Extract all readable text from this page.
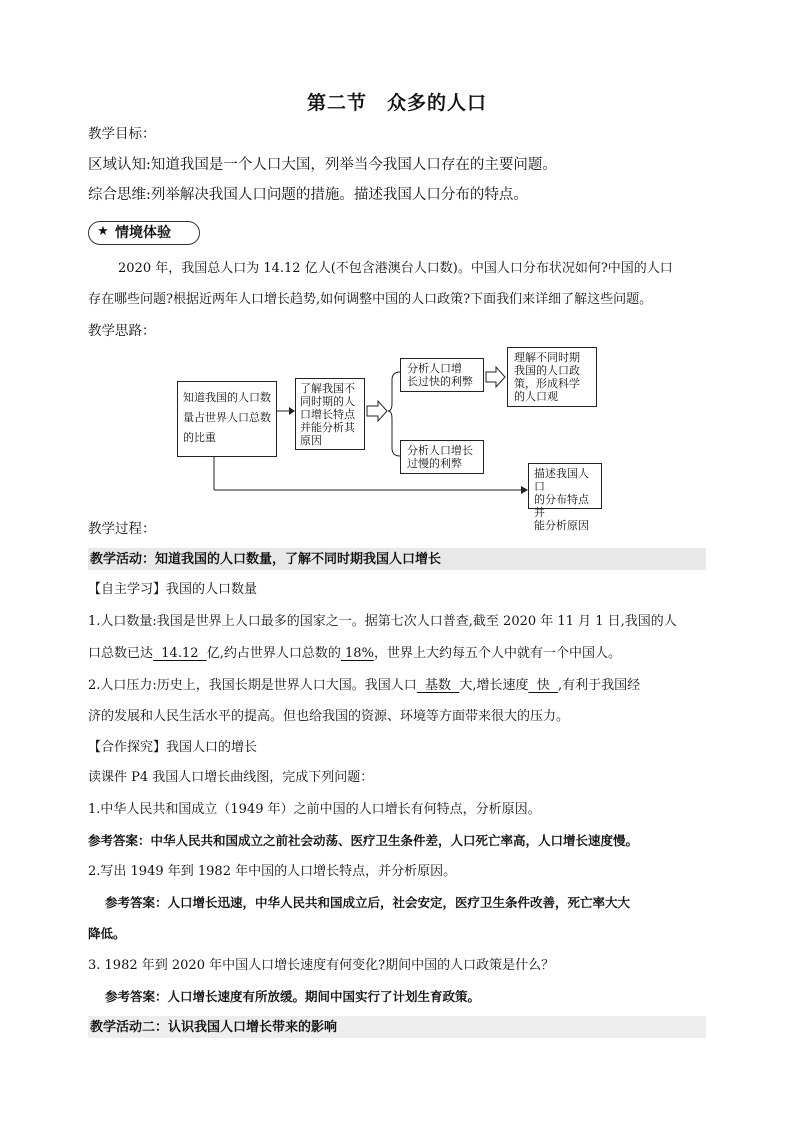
第二节　众多的人口
教学目标：
区域认知:知道我国是一个人口大国，列举当今我国人口存在的主要问题。
综合思维:列举解决我国人口问题的措施。描述我国人口分布的特点。
★ 情境体验
2020 年，我国总人口为 14.12 亿人(不包含港澳台人口数)。中国人口分布状况如何?中国的人口
存在哪些问题?根据近两年人口增长趋势,如何调整中国的人口政策?下面我们来详细了解这些问题。
教学思路：
知道我国的人口数
量占世界人口总数
的比重
了解我国不
同时期的人
口增长特点
并能分析其
原因
分析人口增
长过快的利弊
理解不同时期
我国的人口政
策，形成科学
的人口观
分析人口增长
过慢的利弊
描述我国人口
的分布特点并
能分析原因
教学过程：
教学活动：知道我国的人口数量，了解不同时期我国人口增长
【自主学习】我国的人口数量
1.人口数量:我国是世界上人口最多的国家之一。据第七次人口普查,截至 2020 年 11 月 1 日,我国的人
口总数已达  14.12  亿,约占世界人口总数的 18%，世界上大约每五个人中就有一个中国人。
2.人口压力:历史上，我国长期是世界人口大国。我国人口  基数  大,增长速度  快  ,有利于我国经
济的发展和人民生活水平的提高。但也给我国的资源、环境等方面带来很大的压力。
【合作探究】我国人口的增长
读课件 P4 我国人口增长曲线图，完成下列问题：
1.中华人民共和国成立（1949 年）之前中国的人口增长有何特点，分析原因。
参考答案：中华人民共和国成立之前社会动荡、医疗卫生条件差，人口死亡率高，人口增长速度慢。
2.写出 1949 年到 1982 年中国的人口增长特点，并分析原因。
参考答案：人口增长迅速，中华人民共和国成立后，社会安定，医疗卫生条件改善，死亡率大大
降低。
3. 1982 年到 2020 年中国人口增长速度有何变化?期间中国的人口政策是什么？
参考答案：人口增长速度有所放缓。期间中国实行了计划生育政策。
教学活动二：认识我国人口增长带来的影响
